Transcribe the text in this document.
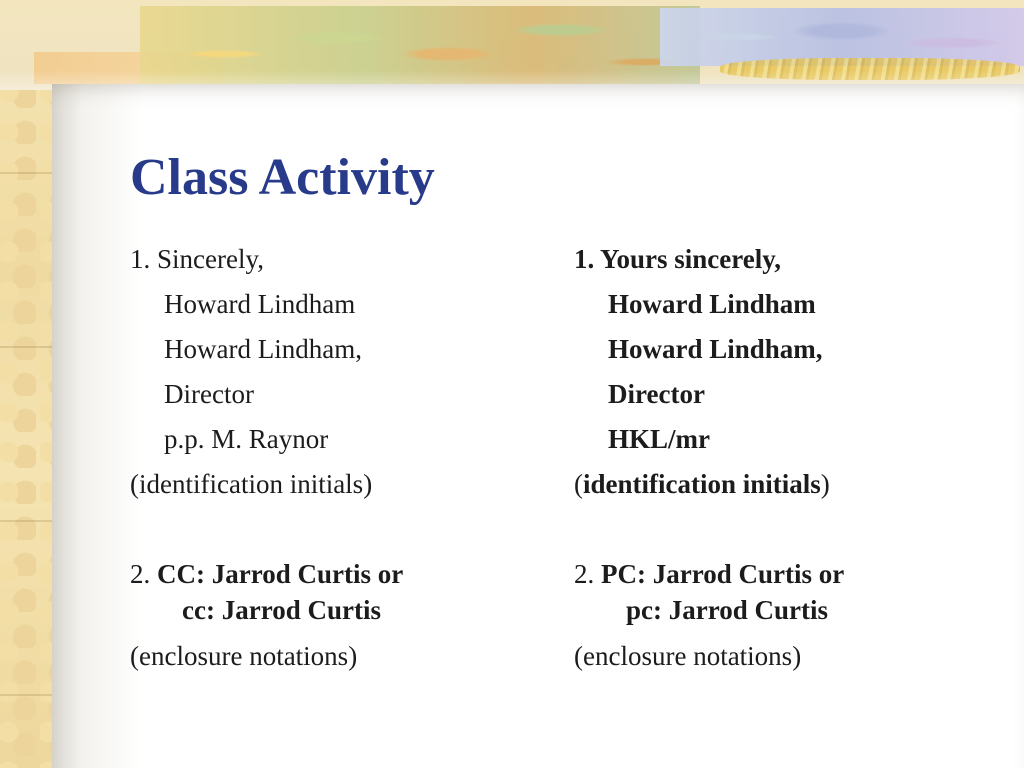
Class Activity
1. Sincerely,
Howard Lindham
Howard Lindham,
Director
p.p. M. Raynor
(identification initials)
2. CC: Jarrod Curtis or
cc: Jarrod Curtis
(enclosure notations)
1. Yours sincerely,
Howard Lindham
Howard Lindham,
Director
HKL/mr
(identification initials)
2. PC: Jarrod Curtis or
pc: Jarrod Curtis
(enclosure notations)
